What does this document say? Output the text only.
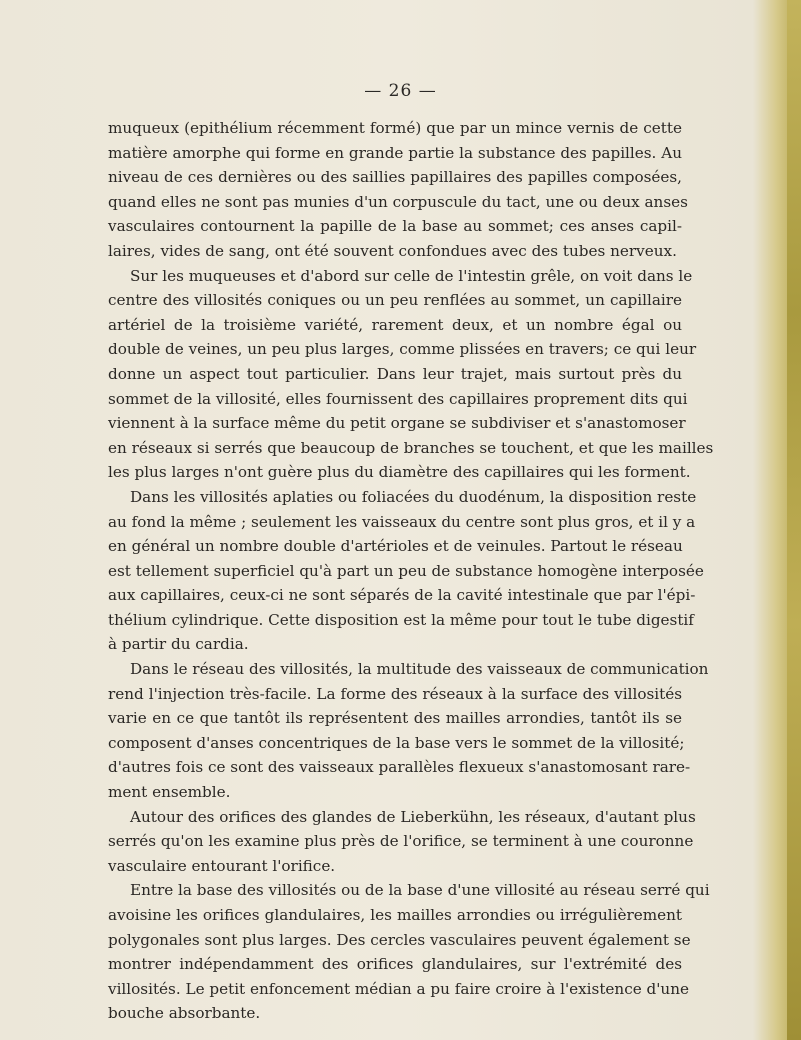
— 26 —
muqueux (epithélium récemment formé) que par un mince vernis de cette
matière amorphe qui forme en grande partie la substance des papilles. Au
niveau de ces dernières ou des saillies papillaires des papilles composées,
quand elles ne sont pas munies d'un corpuscule du tact, une ou deux anses
vasculaires contournent la papille de la base au sommet; ces anses capil-
laires, vides de sang, ont été souvent confondues avec des tubes nerveux.
Sur les muqueuses et d'abord sur celle de l'intestin grêle, on voit dans le
centre des villosités coniques ou un peu renflées au sommet, un capillaire
artériel de la troisième variété, rarement deux, et un nombre égal ou
double de veines, un peu plus larges, comme plissées en travers; ce qui leur
donne un aspect tout particulier. Dans leur trajet, mais surtout près du
sommet de la villosité, elles fournissent des capillaires proprement dits qui
viennent à la surface même du petit organe se subdiviser et s'anastomoser
en réseaux si serrés que beaucoup de branches se touchent, et que les mailles
les plus larges n'ont guère plus du diamètre des capillaires qui les forment.
Dans les villosités aplaties ou foliacées du duodénum, la disposition reste
au fond la même ; seulement les vaisseaux du centre sont plus gros, et il y a
en général un nombre double d'artérioles et de veinules. Partout le réseau
est tellement superficiel qu'à part un peu de substance homogène interposée
aux capillaires, ceux-ci ne sont séparés de la cavité intestinale que par l'épi-
thélium cylindrique. Cette disposition est la même pour tout le tube digestif
à partir du cardia.
Dans le réseau des villosités, la multitude des vaisseaux de communication
rend l'injection très-facile. La forme des réseaux à la surface des villosités
varie en ce que tantôt ils représentent des mailles arrondies, tantôt ils se
composent d'anses concentriques de la base vers le sommet de la villosité;
d'autres fois ce sont des vaisseaux parallèles flexueux s'anastomosant rare-
ment ensemble.
Autour des orifices des glandes de Lieberkühn, les réseaux, d'autant plus
serrés qu'on les examine plus près de l'orifice, se terminent à une couronne
vasculaire entourant l'orifice.
Entre la base des villosités ou de la base d'une villosité au réseau serré qui
avoisine les orifices glandulaires, les mailles arrondies ou irrégulièrement
polygonales sont plus larges. Des cercles vasculaires peuvent également se
montrer indépendamment des orifices glandulaires, sur l'extrémité des
villosités. Le petit enfoncement médian a pu faire croire à l'existence d'une
bouche absorbante.
